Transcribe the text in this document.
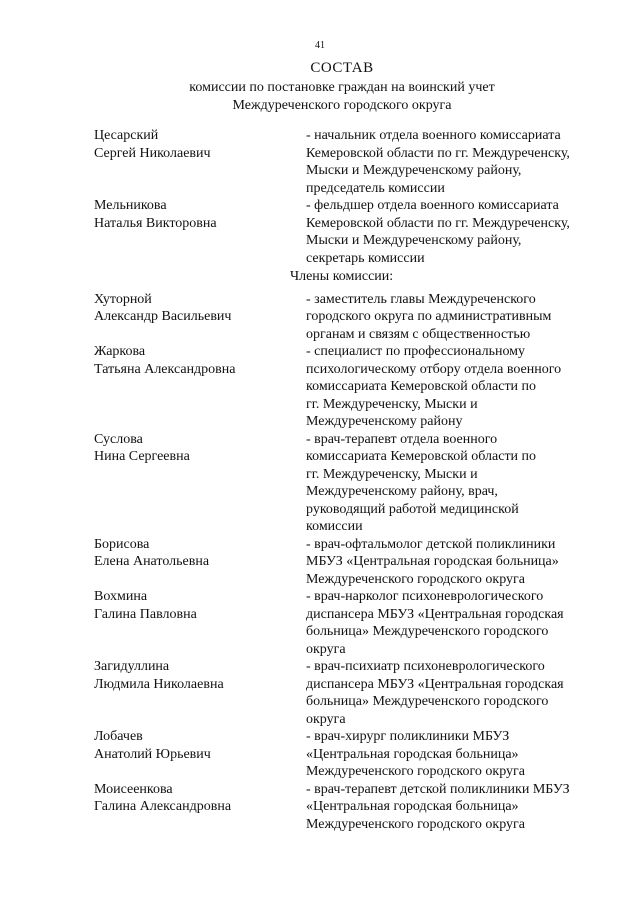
41
СОСТАВ
комиссии по постановке граждан на воинский учет
Междуреченского городского округа
Цесарский
Сергей Николаевич
- начальник отдела военного комиссариата
Кемеровской области по гг. Междуреченску,
Мыски и Междуреченскому району,
председатель комиссии
Мельникова
Наталья Викторовна
- фельдшер отдела военного комиссариата
Кемеровской области по гг. Междуреченску,
Мыски и Междуреченскому району,
секретарь комиссии
Члены комиссии:
Хуторной
Александр Васильевич
- заместитель главы Междуреченского
городского округа по административным
органам и связям с общественностью
Жаркова
Татьяна Александровна
- специалист по профессиональному
психологическому отбору отдела военного
комиссариата Кемеровской области по
гг. Междуреченску, Мыски и
Междуреченскому району
Суслова
Нина Сергеевна
- врач-терапевт отдела военного
комиссариата Кемеровской области по
гг. Междуреченску, Мыски и
Междуреченскому району, врач,
руководящий работой медицинской
комиссии
Борисова
Елена Анатольевна
- врач-офтальмолог детской поликлиники
МБУЗ «Центральная городская больница»
Междуреченского городского округа
Вохмина
Галина Павловна
- врач-нарколог психоневрологического
диспансера МБУЗ «Центральная городская
больница» Междуреченского городского
округа
Загидуллина
Людмила Николаевна
- врач-психиатр психоневрологического
диспансера МБУЗ «Центральная городская
больница» Междуреченского городского
округа
Лобачев
Анатолий Юрьевич
- врач-хирург поликлиники МБУЗ
«Центральная городская больница»
Междуреченского городского округа
Моисеенкова
Галина Александровна
- врач-терапевт детской поликлиники МБУЗ
«Центральная городская больница»
Междуреченского городского округа
